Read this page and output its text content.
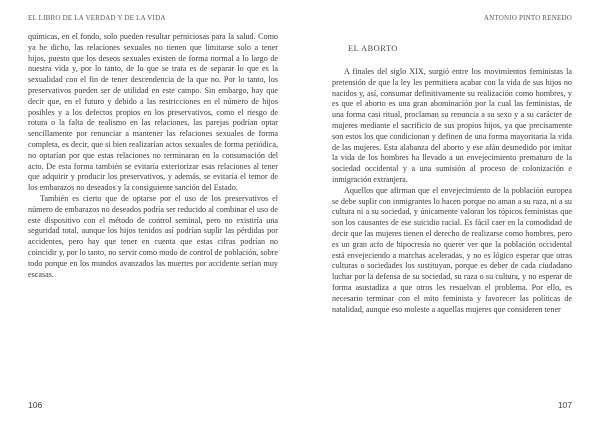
EL LIBRO DE LA VERDAD Y DE LA VIDA

químicas, en el fondo, solo pueden resultar perniciosas para la salud. Como ya he dicho, las relaciones sexuales no tienen que limitarse solo a tener hijos, puesto que los deseos sexuales existen de forma normal a lo largo de nuestra vida y, por lo tanto, de lo que se trata es de separar lo que es la sexualidad con el fin de tener descendencia de la que no. Por lo tanto, los preservativos pueden ser de utilidad en este campo. Sin embargo, hay que decir que, en el futuro y debido a las restricciones en el número de hijos posibles y a los defectos propios en los preservativos, como el riesgo de rotura o la falta de realismo en las relaciones, las parejas podrían optar sencillamente por renunciar a mantener las relaciones sexuales de forma completa, es decir, que si bien realizarían actos sexuales de forma periódica, no optarían por que estas relaciones no terminaran en la consumación del acto. De esta forma también se evitaría exteriorizar esas relaciones al tener que adquirir y producir los preservativos, y además, se evitaría el temor de los embarazos no deseados y la consiguiente sanción del Estado.

También es cierto que de optarse por el uso de los preservativos el número de embarazos no deseados podría ser reducido al combinar el uso de este dispositivo con el método de control seminal, pero no existiría una seguridad total, aunque los hijos tenidos así podrían suplir las pérdidas por accidentes, pero hay que tener en cuenta que estas cifras podrían no coincidir y, por lo tanto, no servir como modo de control de población, sobre todo porque en los mundos avanzados las muertes por accidente serían muy escasas.

106
ANTONIO PINTO RENEDO
EL ABORTO

A finales del siglo XIX, surgió entre los movimientos feministas la pretensión de que la ley les permitiera acabar con la vida de sus hijos no nacidos y, así, consumar definitivamente su realización como hombres, y es que el aborto es una gran abominación por la cual las feministas, de una forma casi ritual, proclaman su renuncia a su sexo y a su carácter de mujeres mediante el sacrificio de sus propios hijos, ya que precisamente son estos los que condicionan y definen de una forma mayoritaria la vida de las mujeres. Esta alabanza del aborto y ese afán desmedido por imitar la vida de los hombres ha llevado a un envejecimiento prematuro de la sociedad occidental y a una sumisión al proceso de colonización e inmigración extranjera.

Aquellos que afirman que el envejecimiento de la población europea se debe suplir con inmigrantes lo hacen porque no aman a su raza, ni a su cultura ni a su sociedad, y únicamente valoran los tópicos feministas que son los causantes de ese suicidio racial. Es fácil caer en la comodidad de decir que las mujeres tienen el derecho de realizarse como hombres, pero es un gran acto de hipocresía no querer ver que la población occidental está envejeciendo a marchas aceleradas, y no es lógico esperar que otras culturas o sociedades los sustituyan, porque es deber de cada ciudadano luchar por la defensa de su sociedad, su raza o su cultura, y no esperar de forma asustadiza a que otros les resuelvan el problema. Por ello, es necesario terminar con el mito feminista y favorecer las políticas de natalidad, aunque eso moleste a aquellas mujeres que consideren tener

107
